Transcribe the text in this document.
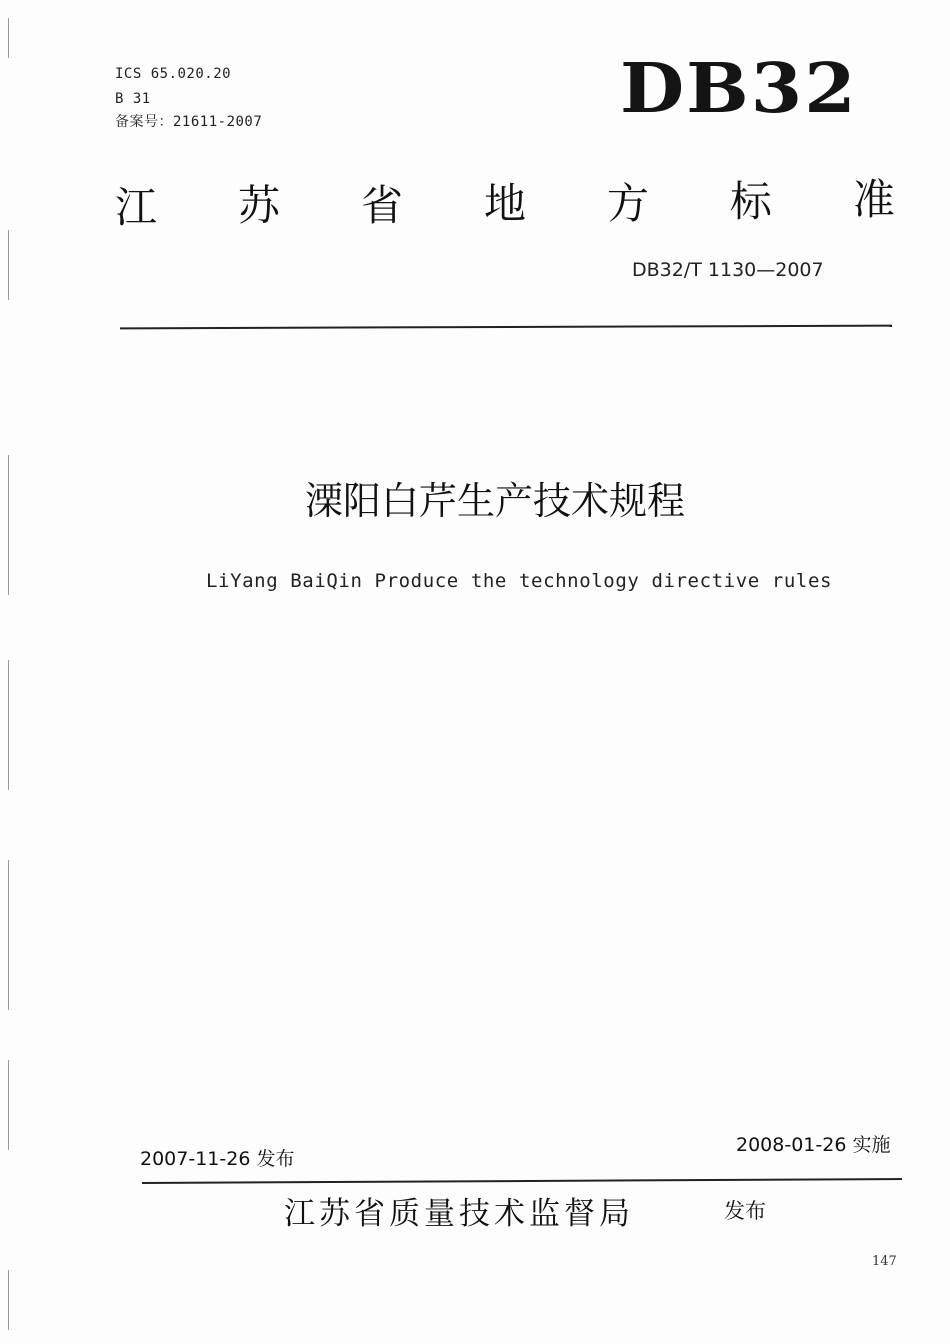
ICS 65.020.20
B 31
备案号：21611-2007	DB32
江 苏 省 地 方 标 准
DB32/T 1130—2007
溧阳白芹生产技术规程
LiYang BaiQin Produce the technology directive rules
2007-11-26 发布
2008-01-26 实施
江苏省质量技术监督局	发布
147
